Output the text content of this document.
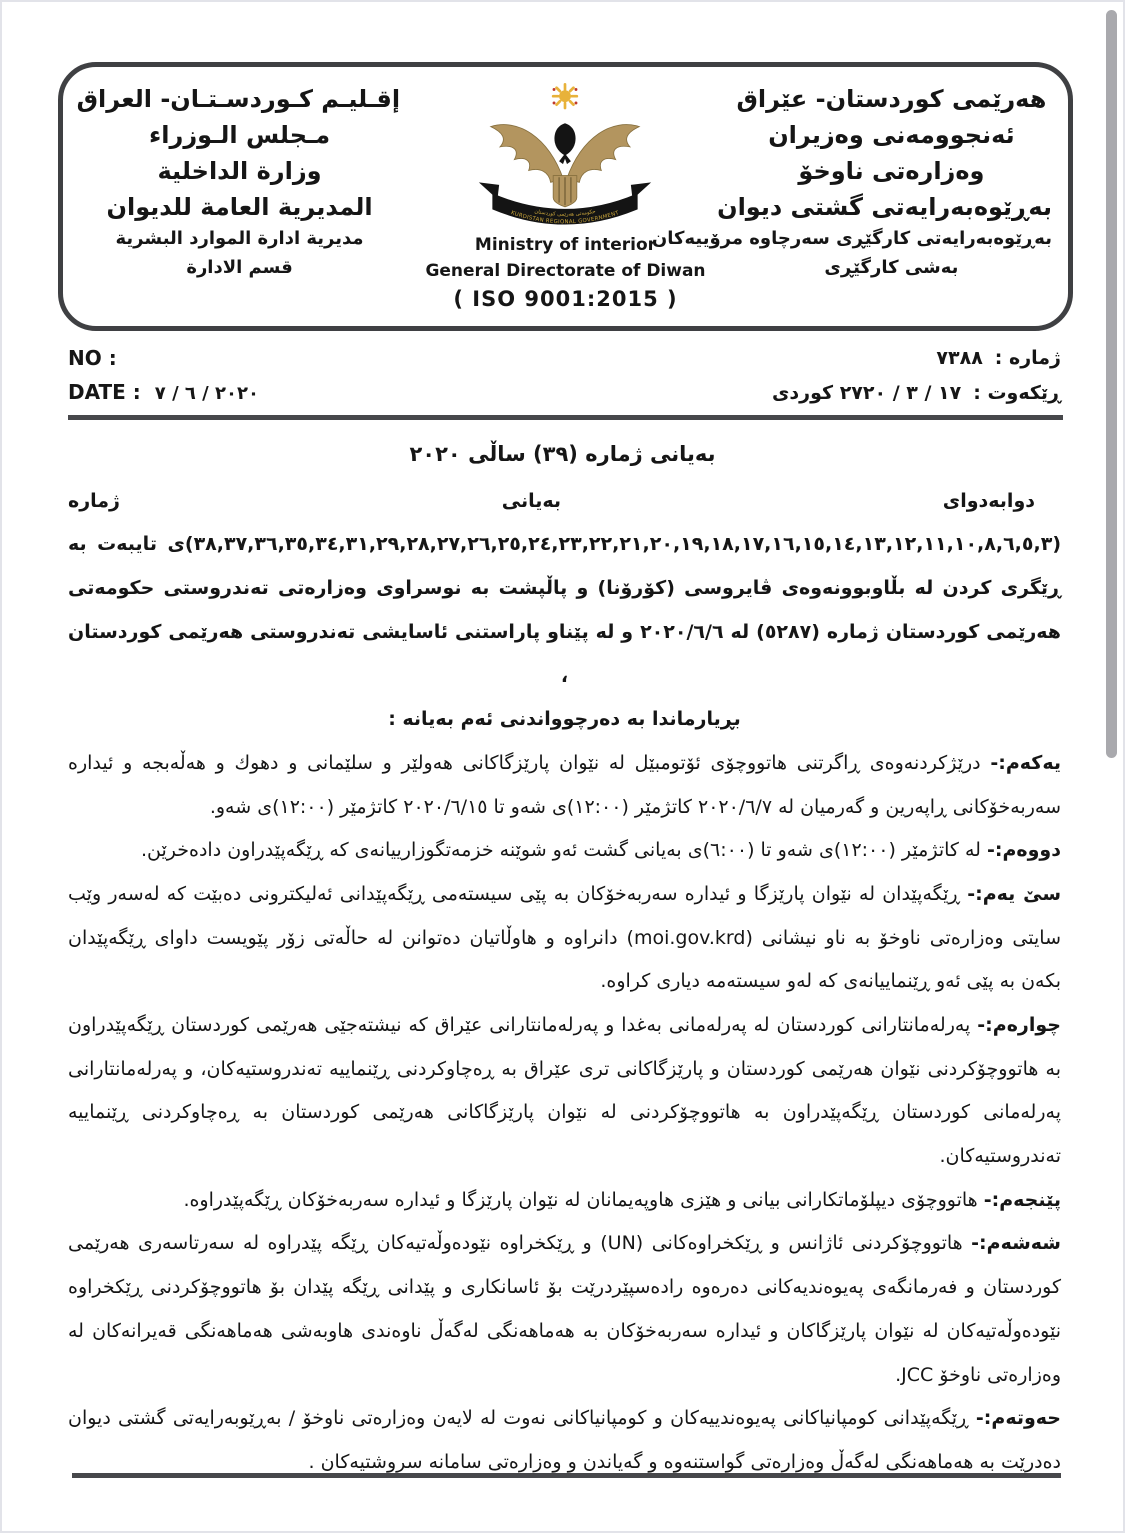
إقـليـم كـوردسـتـان- العراق
مـجلس الـوزراء
وزارة الداخلية
المديرية العامة للديوان
مديرية ادارة الموارد البشرية
قسم الادارة
حكومەتی هەرێمی كوردستان
KURDISTAN REGIONAL GOVERNMENT
Ministry of interior
General Directorate of Diwan
( ISO 9001:2015 )
هەرێمی کوردستان- عێراق
ئەنجوومەنی وەزیران
وەزارەتی ناوخۆ
بەڕێوەبەرایەتی گشتی دیوان
بەڕێوەبەرایەتی کارگێڕی سەرچاوە مرۆییەکان
بەشی کارگێڕی
NO :
DATE : ٢٠٢٠ / ٦ / ٧
ژماره :٧٣٨٨
ڕێکەوت :١٧ / ٣ / ٢٧٢٠ کوردی
بەیانی ژماره (٣٩) ساڵی ٢٠٢٠

دوابەدوای بەیانی ژماره (٣٨,٣٧,٣٦,٣٥,٣٤,٣١,٢٩,٢٨,٢٧,٢٦,٢٥,٢٤,٢٣,٢٢,٢١,٢٠,١٩,١٨,١٧,١٦,١٥,١٤,١٣,١٢,١١,١٠,٨,٦,٥,٣)ی تایبەت بە ڕێگری کردن لە بڵاوبوونەوەی ڤایروسی (کۆرۆنا) و پاڵپشت بە نوسراوی وەزارەتی تەندروستی حکومەتی هەرێمی کوردستان ژماره (٥٢٨٧) لە ٢٠٢٠/٦/٦ و لە پێناو پاراستنی ئاسایشی تەندروستی هەرێمی کوردستان ،

بڕیارماندا بە دەرچوواندنی ئەم بەیانە :

یەکەم:- درێژکردنەوەی ڕاگرتنی هاتووچۆی ئۆتومبێل لە نێوان پارێزگاکانی هەولێر و سلێمانی و دهوك و هەڵەبجە و ئیدارە سەربەخۆکانی ڕاپەرین و گەرمیان لە ٢٠٢٠/٦/٧ کاتژمێر (١٢:٠٠)ی شەو تا ٢٠٢٠/٦/١٥ کاتژمێر (١٢:٠٠)ی شەو.

دووەم:- لە کاتژمێر (١٢:٠٠)ی شەو تا (٦:٠٠)ی بەیانی گشت ئەو شوێنە خزمەتگوزارییانەی کە ڕێگەپێدراون دادەخرێن.

سێ یەم:- ڕێگەپێدان لە نێوان پارێزگا و ئیدارە سەربەخۆکان بە پێی سیستەمی ڕێگەپێدانی ئەلیکترونی دەبێت کە لەسەر وێب سایتی وەزارەتی ناوخۆ بە ناو نیشانی (moi.gov.krd) دانراوە و هاوڵاتیان دەتوانن لە حاڵەتی زۆر پێویست داوای ڕێگەپێدان بکەن بە پێی ئەو ڕێنماییانەی کە لەو سیستەمە دیاری کراوە.

چوارەم:- پەرلەمانتارانی کوردستان لە پەرلەمانی بەغدا و پەرلەمانتارانی عێراق کە نیشتەجێی هەرێمی کوردستان ڕێگەپێدراون بە هاتووچۆکردنی نێوان هەرێمی کوردستان و پارێزگاکانی تری عێراق بە ڕەچاوکردنی ڕێنماییە تەندروستیەکان، و پەرلەمانتارانی پەرلەمانی کوردستان ڕێگەپێدراون بە هاتووچۆکردنی لە نێوان پارێزگاکانی هەرێمی کوردستان بە ڕەچاوکردنی ڕێنماییە تەندروستیەکان.

پێنجەم:- هاتووچۆی دیپلۆماتکارانی بیانی و هێزی هاوپەیمانان لە نێوان پارێزگا و ئیدارە سەربەخۆکان ڕێگەپێدراوە.

شەشەم:- هاتووچۆکردنی ئاژانس و ڕێکخراوەکانی (UN) و ڕێکخراوە نێودەوڵەتیەکان ڕێگە پێدراوە لە سەرتاسەری هەرێمی کوردستان و فەرمانگەی پەیوەندیەکانی دەرەوە رادەسپێردرێت بۆ ئاسانکاری و پێدانی ڕێگە پێدان بۆ هاتووچۆکردنی ڕێکخراوە نێودەوڵەتیەکان لە نێوان پارێزگاکان و ئیدارە سەربەخۆکان بە هەماهەنگی لەگەڵ ناوەندی هاوبەشی هەماهەنگی قەیرانەکان لە وەزارەتی ناوخۆ JCC.

حەوتەم:- ڕێگەپێدانی کومپانیاکانی پەیوەندییەکان و کومپانیاکانی نەوت لە لایەن وەزارەتی ناوخۆ / بەڕێوبەرایەتی گشتی دیوان دەدرێت بە هەماهەنگی لەگەڵ وەزارەتی گواستنەوە و گەیاندن و وەزارەتی سامانە سروشتیەکان .
